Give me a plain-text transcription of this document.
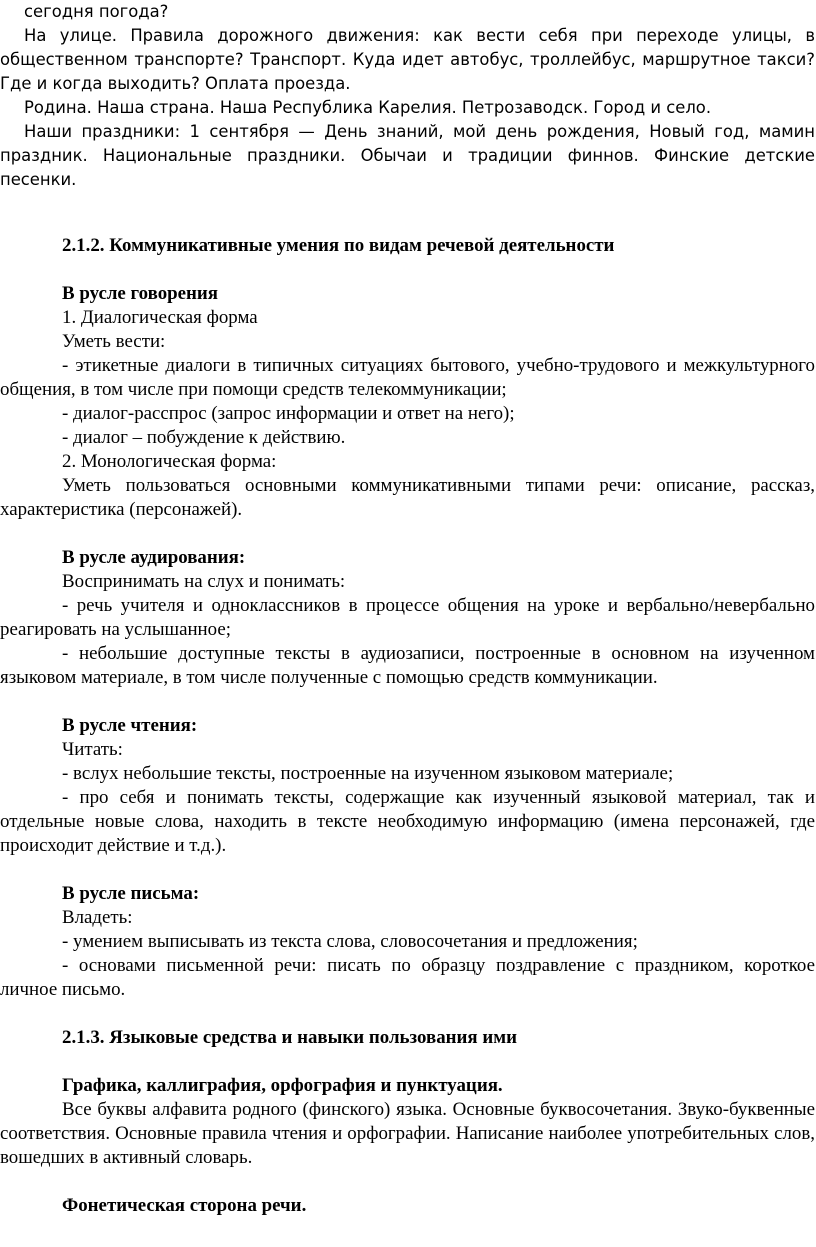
сегодня погода?

На улице. Правила дорожного движения: как вести себя при переходе улицы, в общественном транспорте? Транспорт. Куда идет автобус, троллейбус, маршрутное такси? Где и когда выходить? Оплата проезда.

Родина. Наша страна. Наша Республика Карелия. Петрозаводск. Город и село.

Наши праздники: 1 сентября — День знаний, мой день рождения, Новый год, мамин праздник. Национальные праздники. Обычаи и традиции финнов. Финские детские песенки.

2.1.2. Коммуникативные умения по видам речевой деятельности

В русле говорения

1. Диалогическая форма

Уметь вести:

- этикетные диалоги в типичных ситуациях бытового, учебно-трудового и межкультурного общения, в том числе при помощи средств телекоммуникации;

- диалог-расспрос (запрос информации и ответ на него);

- диалог – побуждение к действию.

2. Монологическая форма:

Уметь пользоваться основными коммуникативными типами речи: описание, рассказ, характеристика (персонажей).

В русле аудирования:

Воспринимать на слух и понимать:

- речь учителя и одноклассников в процессе общения на уроке и вербально/невербально реагировать на услышанное;

- небольшие доступные тексты в аудиозаписи, построенные в основном на изученном языковом материале, в том числе полученные с помощью средств коммуникации.

В русле чтения:

Читать:

- вслух небольшие тексты, построенные на изученном языковом материале;

- про себя и понимать тексты, содержащие как изученный языковой материал, так и отдельные новые слова, находить в тексте необходимую информацию (имена персонажей, где происходит действие и т.д.).

В русле письма:

Владеть:

- умением выписывать из текста слова, словосочетания и предложения;

- основами письменной речи: писать по образцу поздравление с праздником, короткое личное письмо.

2.1.3. Языковые средства и навыки пользования ими

Графика, каллиграфия, орфография и пунктуация.

Все буквы алфавита родного (финского) языка. Основные буквосочетания. Звуко-буквенные соответствия. Основные правила чтения и орфографии. Написание наиболее употребительных слов, вошедших в активный словарь.

Фонетическая сторона речи.
